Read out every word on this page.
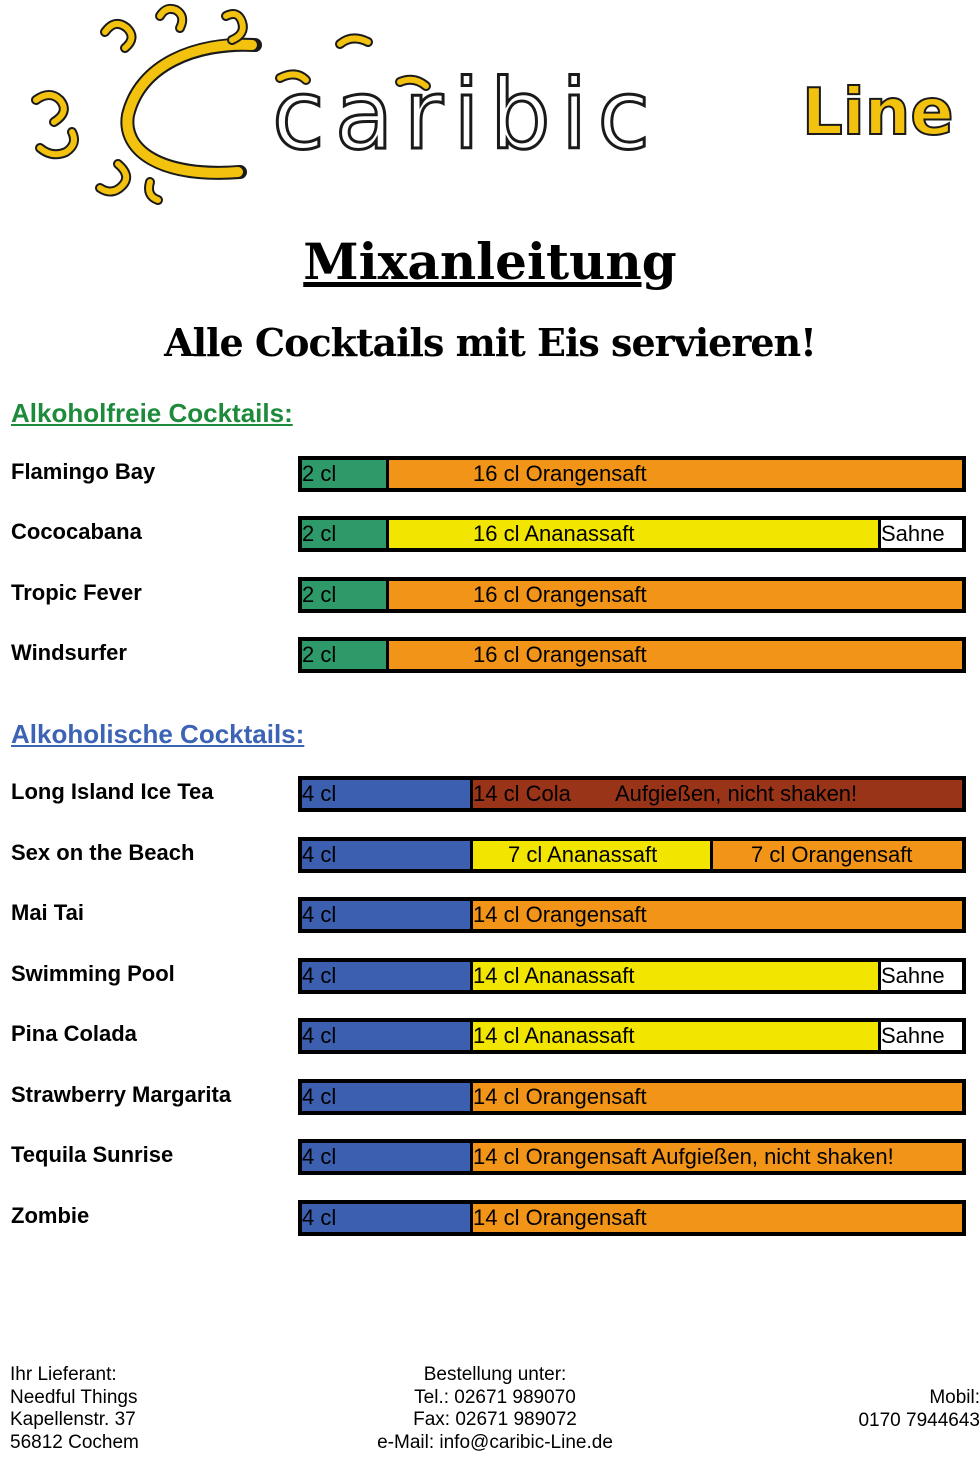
caribic Line
Mixanleitung
Alle Cocktails mit Eis servieren!
Alkoholfreie Cocktails:
Flamingo Bay	2 cl	16 cl Orangensaft
Cococabana	2 cl	16 cl Ananassaft	Sahne
Tropic Fever	2 cl	16 cl Orangensaft
Windsurfer	2 cl	16 cl Orangensaft
Alkoholische Cocktails:
Long Island Ice Tea	4 cl	14 cl Cola	Aufgießen, nicht shaken!
Sex on the Beach	4 cl	7 cl Ananassaft	7 cl Orangensaft
Mai Tai	4 cl	14 cl Orangensaft
Swimming Pool	4 cl	14 cl Ananassaft	Sahne
Pina Colada	4 cl	14 cl Ananassaft	Sahne
Strawberry Margarita	4 cl	14 cl Orangensaft
Tequila Sunrise	4 cl	14 cl Orangensaft Aufgießen, nicht shaken!
Zombie	4 cl	14 cl Orangensaft
Ihr Lieferant:
Needful Things
Kapellenstr. 37
56812 Cochem
Bestellung unter:
Tel.: 02671 989070
Fax: 02671 989072
e-Mail: info@caribic-Line.de
Mobil:
0170 7944643
